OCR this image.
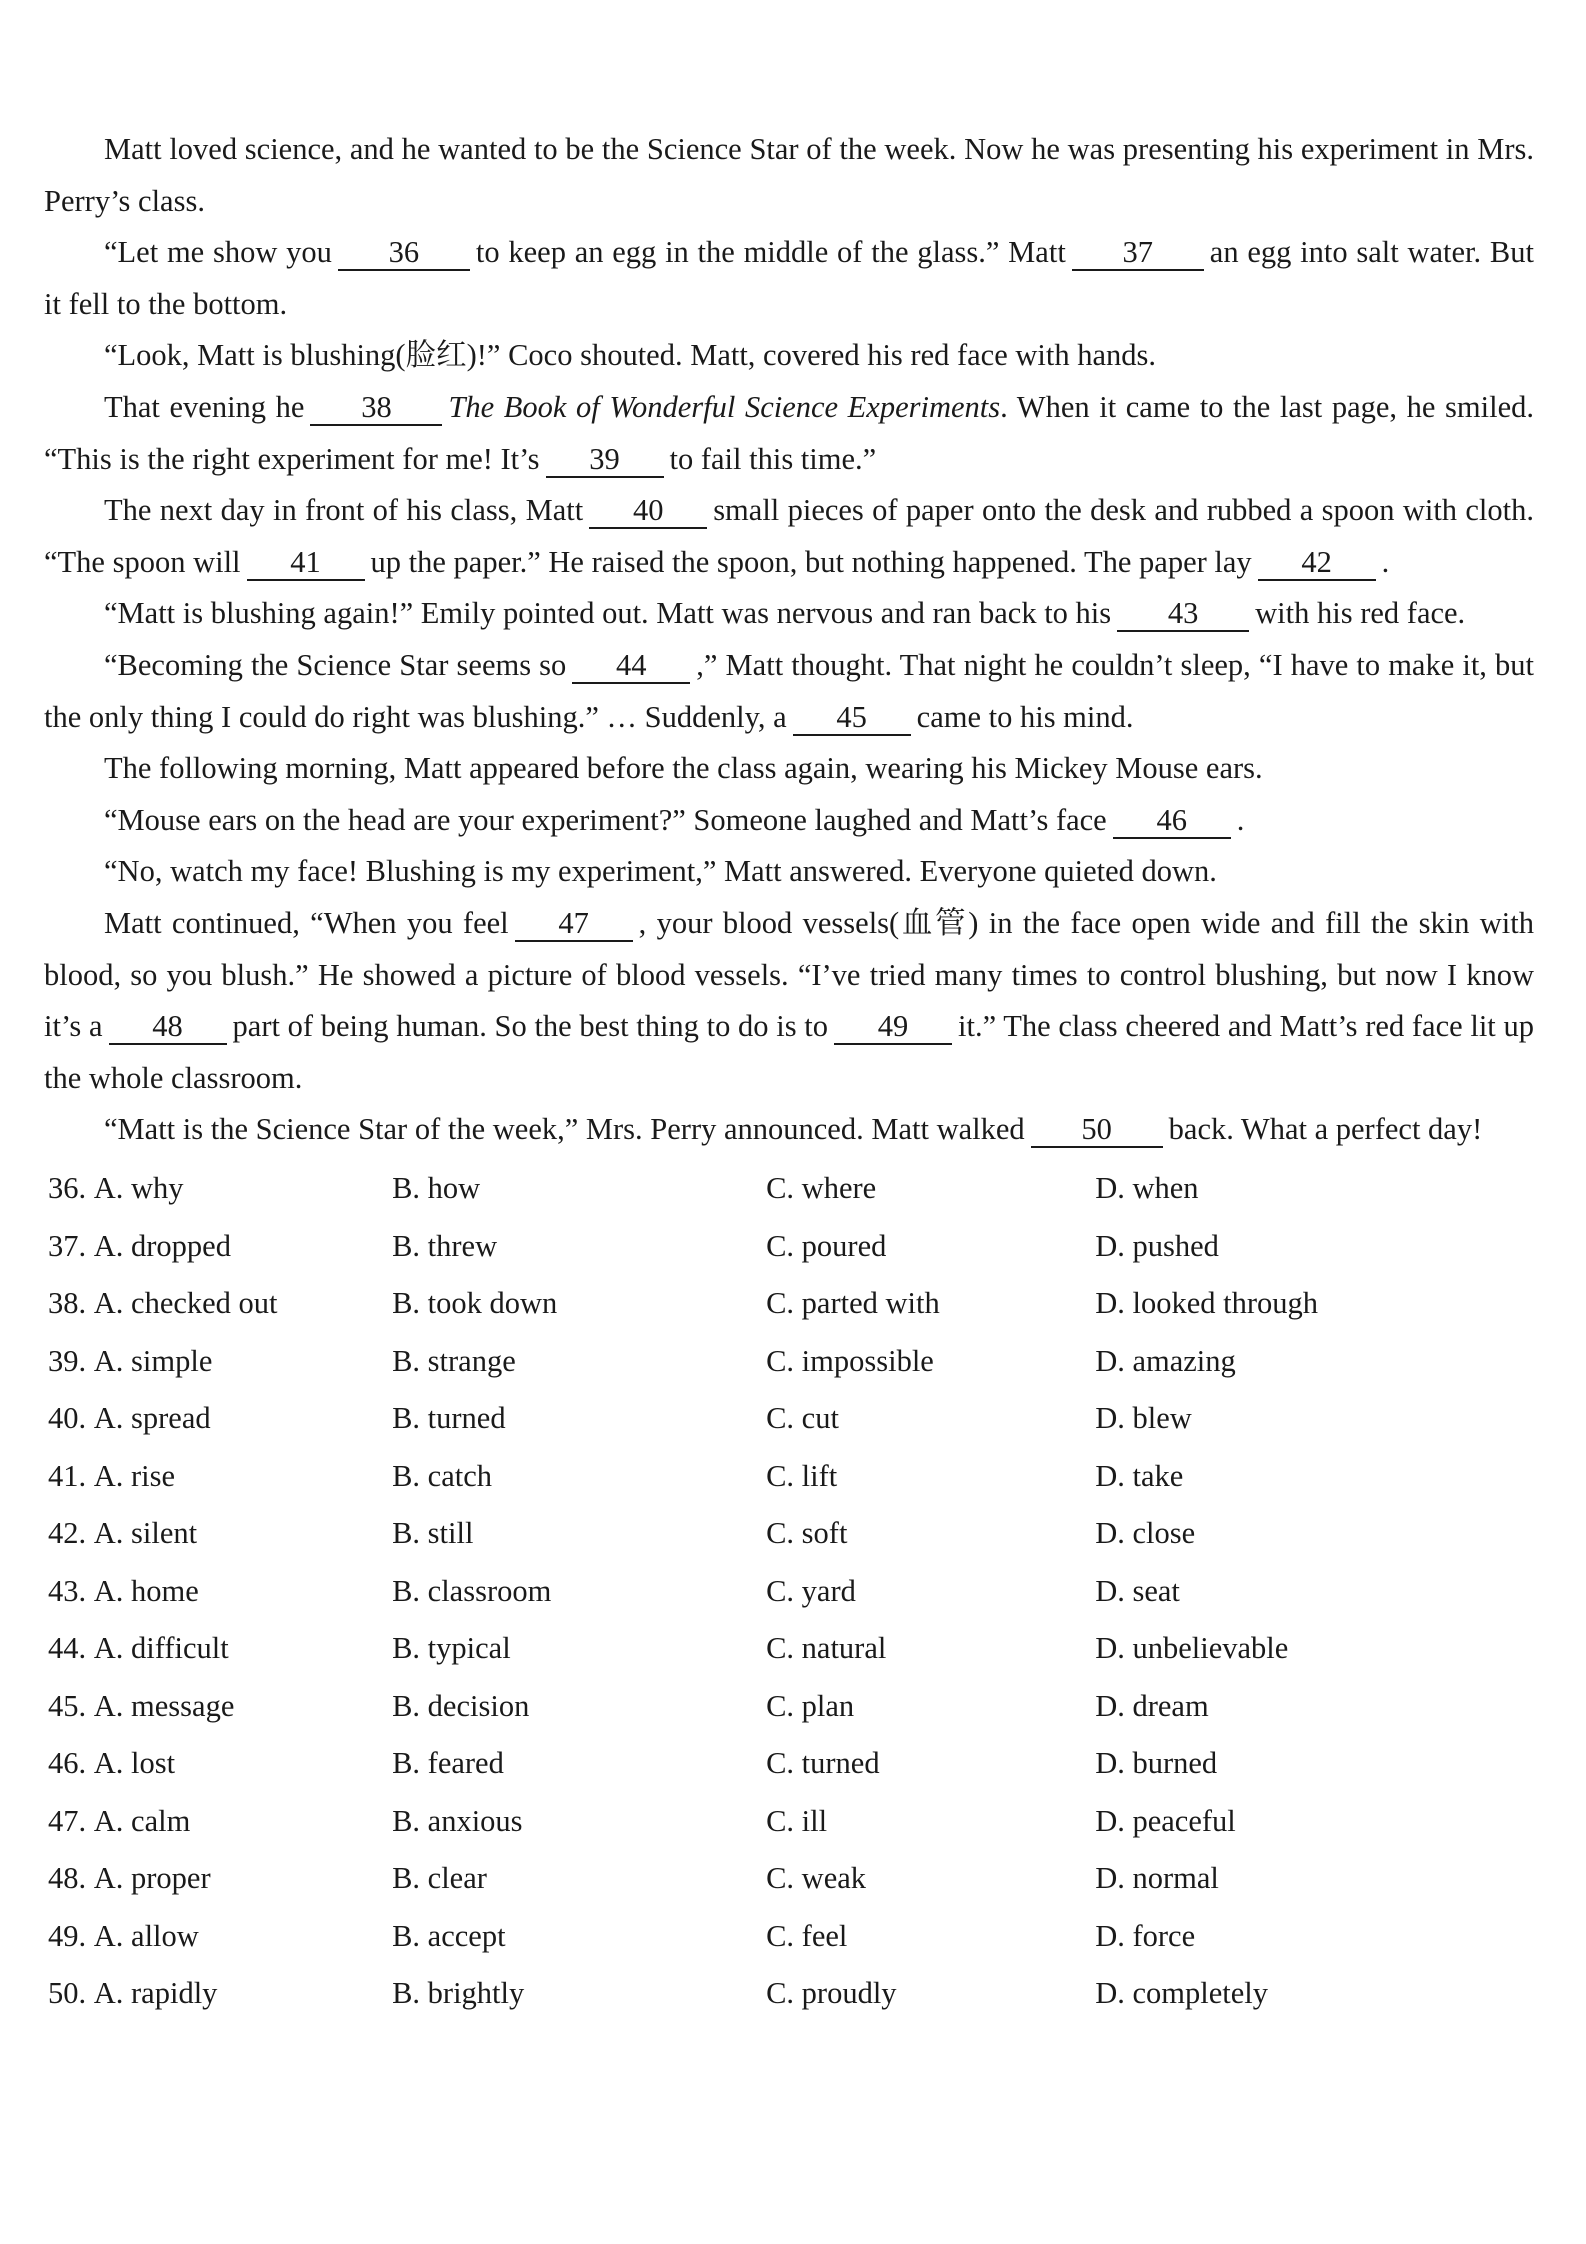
Matt loved science, and he wanted to be the Science Star of the week. Now he was presenting his experiment in Mrs. Perry’s class.

“Let me show you 36 to keep an egg in the middle of the glass.” Matt 37 an egg into salt water. But it fell to the bottom.

“Look, Matt is blushing(脸红)!” Coco shouted. Matt, covered his red face with hands.

That evening he 38 The Book of Wonderful Science Experiments. When it came to the last page, he smiled. “This is the right experiment for me! It’s 39 to fail this time.”

The next day in front of his class, Matt 40 small pieces of paper onto the desk and rubbed a spoon with cloth. “The spoon will 41 up the paper.” He raised the spoon, but nothing happened. The paper lay 42 .

“Matt is blushing again!” Emily pointed out. Matt was nervous and ran back to his 43 with his red face.

“Becoming the Science Star seems so 44 ,” Matt thought. That night he couldn’t sleep, “I have to make it, but the only thing I could do right was blushing.” … Suddenly, a 45 came to his mind.

The following morning, Matt appeared before the class again, wearing his Mickey Mouse ears.

“Mouse ears on the head are your experiment?” Someone laughed and Matt’s face 46 .

“No, watch my face! Blushing is my experiment,” Matt answered. Everyone quieted down.

Matt continued, “When you feel 47 , your blood vessels(血管) in the face open wide and fill the skin with blood, so you blush.” He showed a picture of blood vessels. “I’ve tried many times to control blushing, but now I know it’s a 48 part of being human. So the best thing to do is to 49 it.” The class cheered and Matt’s red face lit up the whole classroom.

“Matt is the Science Star of the week,” Mrs. Perry announced. Matt walked 50 back. What a perfect day!

36. A. why	B. how	C. where	D. when
37. A. dropped	B. threw	C. poured	D. pushed
38. A. checked out	B. took down	C. parted with	D. looked through
39. A. simple	B. strange	C. impossible	D. amazing
40. A. spread	B. turned	C. cut	D. blew
41. A. rise	B. catch	C. lift	D. take
42. A. silent	B. still	C. soft	D. close
43. A. home	B. classroom	C. yard	D. seat
44. A. difficult	B. typical	C. natural	D. unbelievable
45. A. message	B. decision	C. plan	D. dream
46. A. lost	B. feared	C. turned	D. burned
47. A. calm	B. anxious	C. ill	D. peaceful
48. A. proper	B. clear	C. weak	D. normal
49. A. allow	B. accept	C. feel	D. force
50. A. rapidly	B. brightly	C. proudly	D. completely
